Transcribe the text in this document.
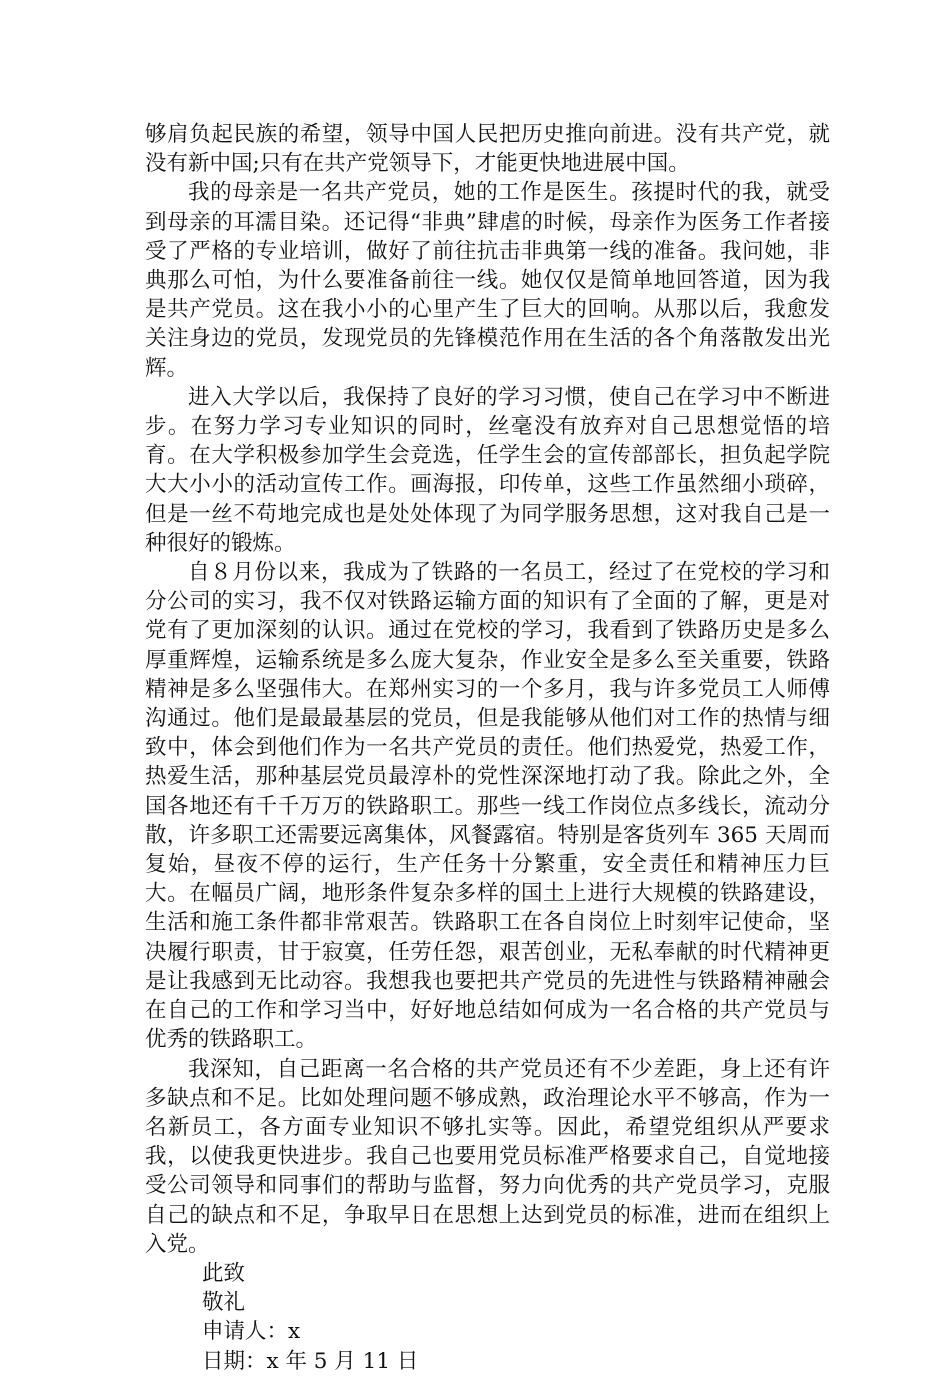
够肩负起民族的希望，领导中国人民把历史推向前进。没有共产党，就没有新中国;只有在共产党领导下，才能更快地进展中国。

我的母亲是一名共产党员，她的工作是医生。孩提时代的我，就受到母亲的耳濡目染。还记得“非典”肆虐的时候，母亲作为医务工作者接受了严格的专业培训，做好了前往抗击非典第一线的准备。我问她，非典那么可怕，为什么要准备前往一线。她仅仅是简单地回答道，因为我是共产党员。这在我小小的心里产生了巨大的回响。从那以后，我愈发关注身边的党员，发现党员的先锋模范作用在生活的各个角落散发出光辉。

进入大学以后，我保持了良好的学习习惯，使自己在学习中不断进步。在努力学习专业知识的同时，丝毫没有放弃对自己思想觉悟的培育。在大学积极参加学生会竞选，任学生会的宣传部部长，担负起学院大大小小的活动宣传工作。画海报，印传单，这些工作虽然细小琐碎，但是一丝不苟地完成也是处处体现了为同学服务思想，这对我自己是一种很好的锻炼。

自８月份以来，我成为了铁路的一名员工，经过了在党校的学习和分公司的实习，我不仅对铁路运输方面的知识有了全面的了解，更是对党有了更加深刻的认识。通过在党校的学习，我看到了铁路历史是多么厚重辉煌，运输系统是多么庞大复杂，作业安全是多么至关重要，铁路精神是多么坚强伟大。在郑州实习的一个多月，我与许多党员工人师傅沟通过。他们是最最基层的党员，但是我能够从他们对工作的热情与细致中，体会到他们作为一名共产党员的责任。他们热爱党，热爱工作，热爱生活，那种基层党员最淳朴的党性深深地打动了我。除此之外，全国各地还有千千万万的铁路职工。那些一线工作岗位点多线长，流动分散，许多职工还需要远离集体，风餐露宿。特别是客货列车 365 天周而复始，昼夜不停的运行，生产任务十分繁重，安全责任和精神压力巨大。在幅员广阔，地形条件复杂多样的国土上进行大规模的铁路建设，生活和施工条件都非常艰苦。铁路职工在各自岗位上时刻牢记使命，坚决履行职责，甘于寂寞，任劳任怨，艰苦创业，无私奉献的时代精神更是让我感到无比动容。我想我也要把共产党员的先进性与铁路精神融会在自己的工作和学习当中，好好地总结如何成为一名合格的共产党员与优秀的铁路职工。

我深知，自己距离一名合格的共产党员还有不少差距，身上还有许多缺点和不足。比如处理问题不够成熟，政治理论水平不够高，作为一名新员工，各方面专业知识不够扎实等。因此，希望党组织从严要求我，以使我更快进步。我自己也要用党员标准严格要求自己，自觉地接受公司领导和同事们的帮助与监督，努力向优秀的共产党员学习，克服自己的缺点和不足，争取早日在思想上达到党员的标准，进而在组织上入党。

此致

敬礼

申请人：x

日期：x 年 5 月 11 日
